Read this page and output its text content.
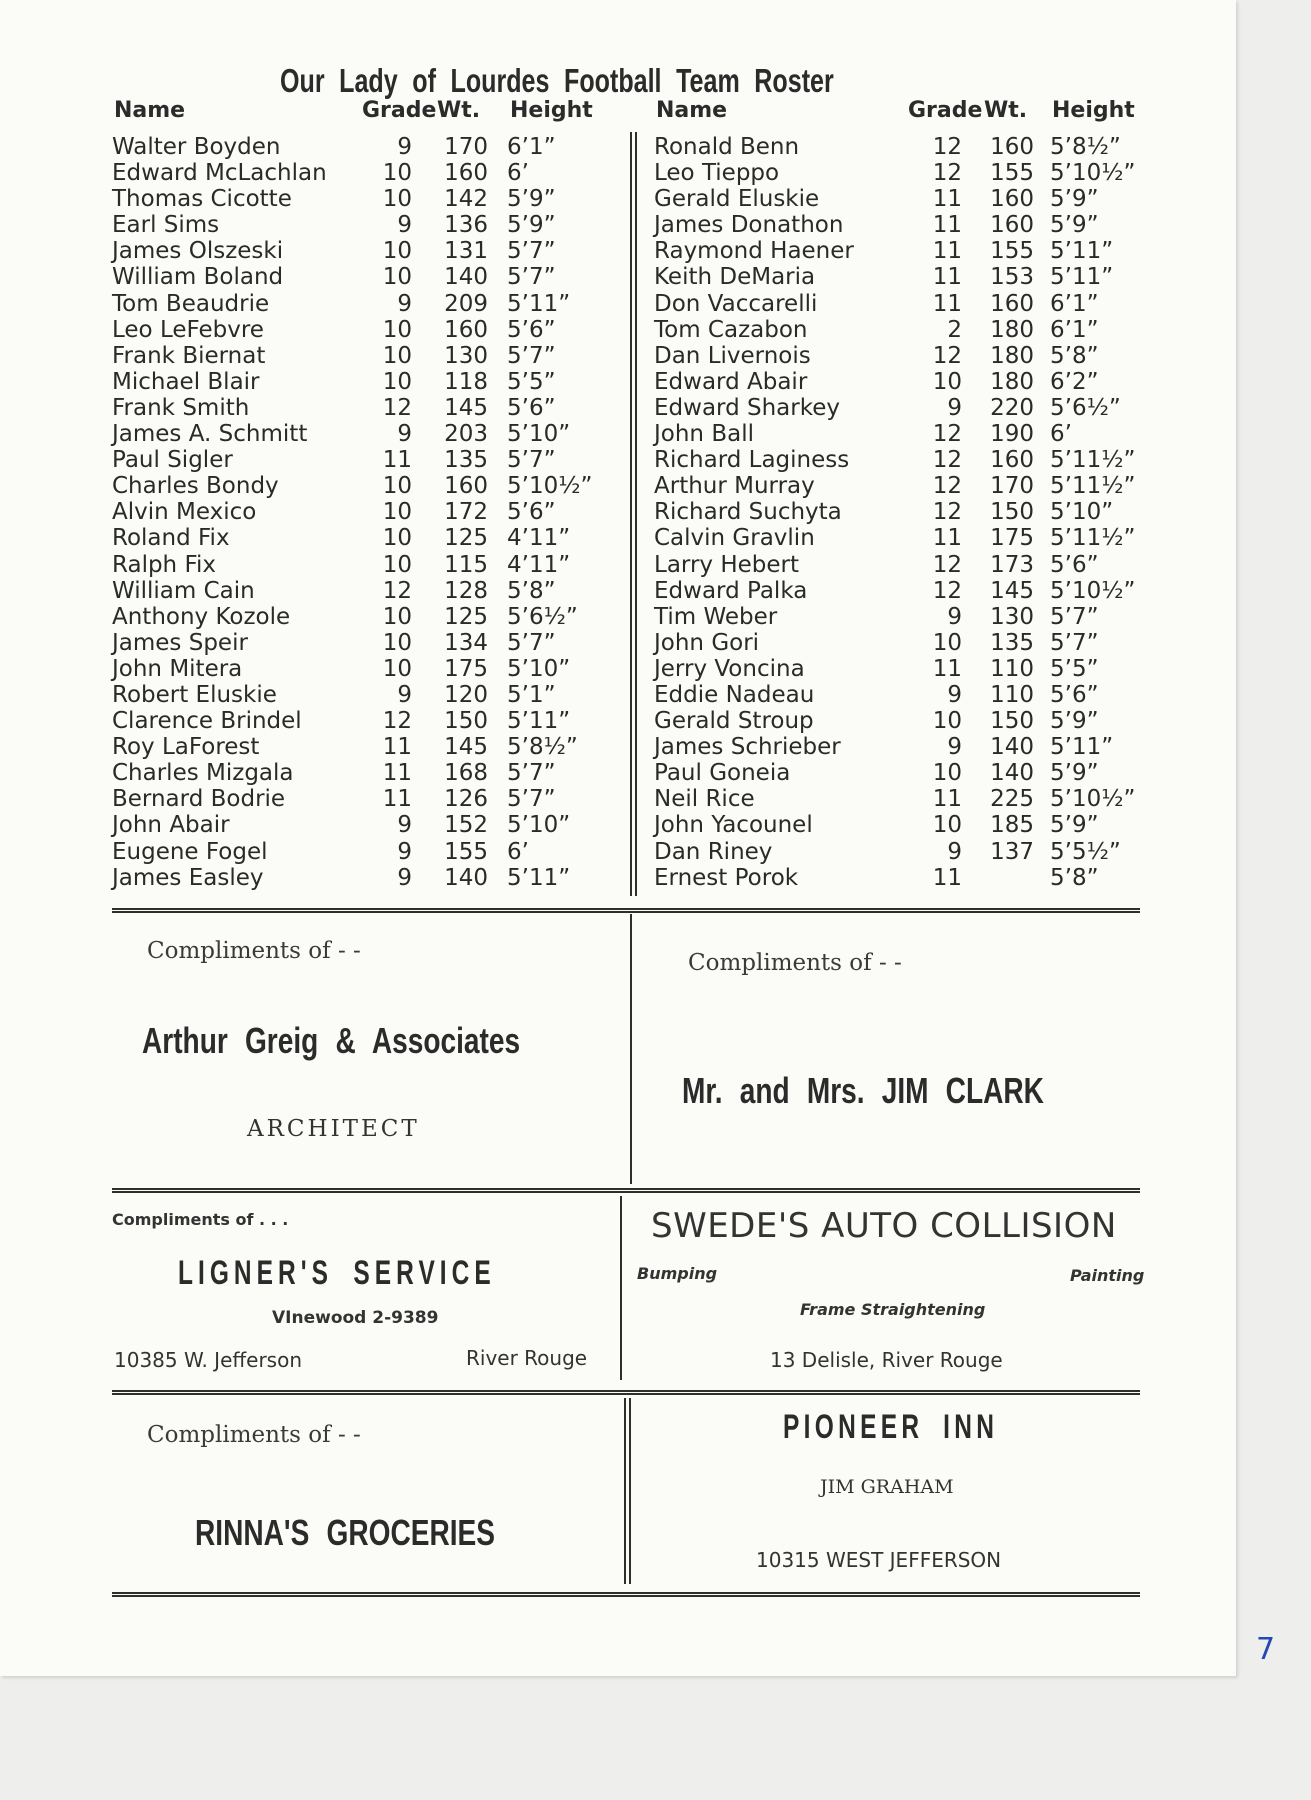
Our Lady of Lourdes Football Team Roster
Name	Grade Wt. Height	Name	Grade Wt. Height
Walter Boyden	9 170 6’1”
Edward McLachlan	10 160 6’
Thomas Cicotte	10 142 5’9”
Earl Sims	9 136 5’9”
James Olszeski	10 131 5’7”
William Boland	10 140 5’7”
Tom Beaudrie	9 209 5’11”
Leo LeFebvre	10 160 5’6”
Frank Biernat	10 130 5’7”
Michael Blair	10 118 5’5”
Frank Smith	12 145 5’6”
James A. Schmitt	9 203 5’10”
Paul Sigler	11 135 5’7”
Charles Bondy	10 160 5’10½”
Alvin Mexico	10 172 5’6”
Roland Fix	10 125 4’11”
Ralph Fix	10 115 4’11”
William Cain	12 128 5’8”
Anthony Kozole	10 125 5’6½”
James Speir	10 134 5’7”
John Mitera	10 175 5’10”
Robert Eluskie	9 120 5’1”
Clarence Brindel	12 150 5’11”
Roy LaForest	11 145 5’8½”
Charles Mizgala	11 168 5’7”
Bernard Bodrie	11 126 5’7”
John Abair	9 152 5’10”
Eugene Fogel	9 155 6’
James Easley	9 140 5’11”
Ronald Benn	12 160 5’8½”
Leo Tieppo	12 155 5’10½”
Gerald Eluskie	11 160 5’9”
James Donathon	11 160 5’9”
Raymond Haener	11 155 5’11”
Keith DeMaria	11 153 5’11”
Don Vaccarelli	11 160 6’1”
Tom Cazabon	2 180 6’1”
Dan Livernois	12 180 5’8”
Edward Abair	10 180 6’2”
Edward Sharkey	9 220 5’6½”
John Ball	12 190 6’
Richard Laginess	12 160 5’11½”
Arthur Murray	12 170 5’11½”
Richard Suchyta	12 150 5’10”
Calvin Gravlin	11 175 5’11½”
Larry Hebert	12 173 5’6”
Edward Palka	12 145 5’10½”
Tim Weber	9 130 5’7”
John Gori	10 135 5’7”
Jerry Voncina	11 110 5’5”
Eddie Nadeau	9 110 5’6”
Gerald Stroup	10 150 5’9”
James Schrieber	9 140 5’11”
Paul Goneia	10 140 5’9”
Neil Rice	11 225 5’10½”
John Yacounel	10 185 5’9”
Dan Riney	9 137 5’5½”
Ernest Porok	11	5’8”
Compliments of - -
Arthur Greig & Associates
ARCHITECT
Compliments of - -
Mr. and Mrs. JIM CLARK
Compliments of . . .
LIGNER'S SERVICE
VInewood 2-9389
10385 W. Jefferson	River Rouge
SWEDE'S AUTO COLLISION
Bumping	Painting
Frame Straightening
13 Delisle, River Rouge
Compliments of - -
RINNA'S GROCERIES
PIONEER INN
JIM GRAHAM
10315 WEST JEFFERSON
7
